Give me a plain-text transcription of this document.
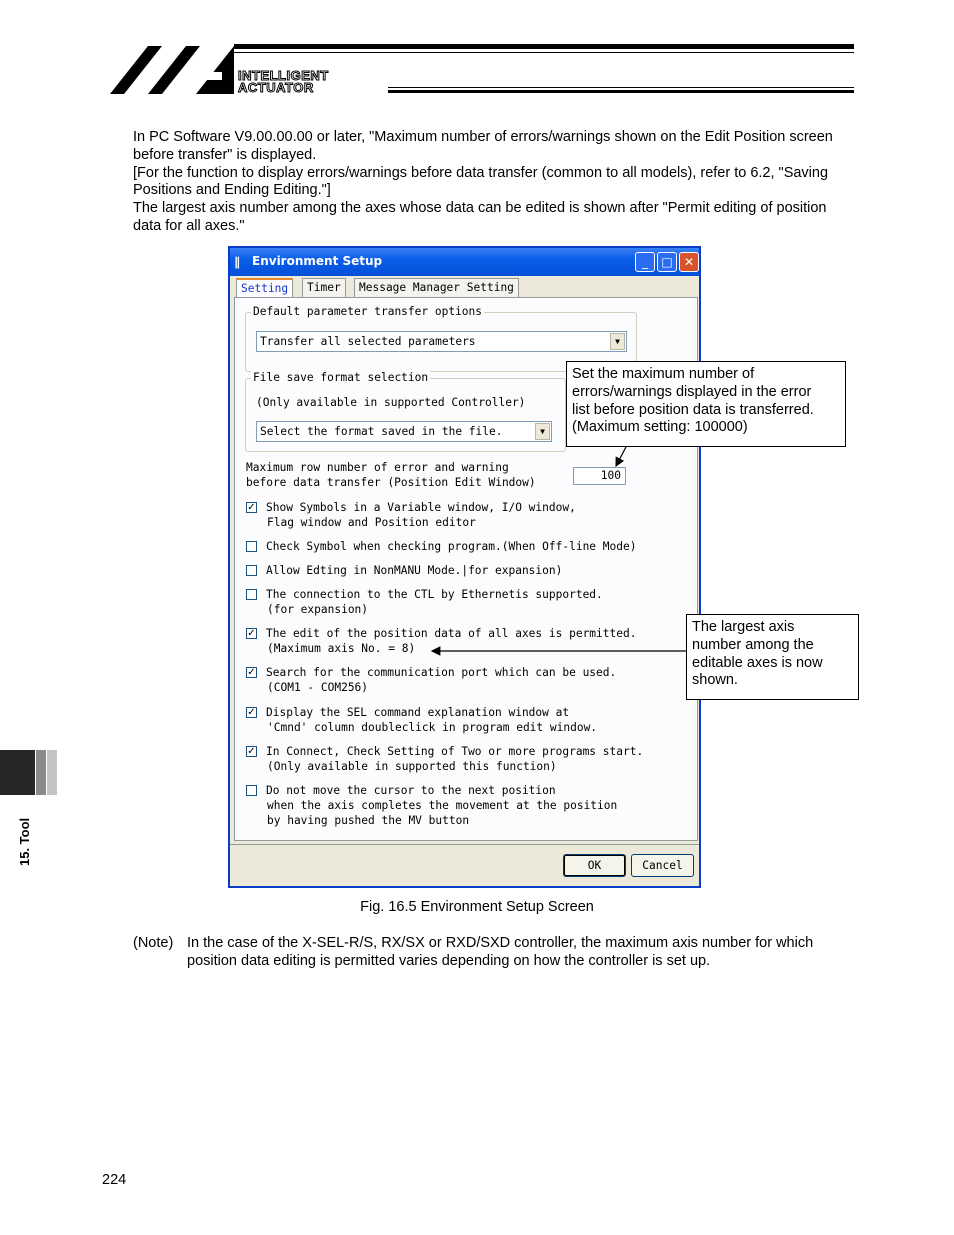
INTELLIGENT
ACTUATOR

In PC Software V9.00.00.00 or later, "Maximum number of errors/warnings shown on the Edit Position screen before transfer" is displayed.

[For the function to display errors/warnings before data transfer (common to all models), refer to 6.2, "Saving Positions and Ending Editing."]

The largest axis number among the axes whose data can be edited is shown after "Permit editing of position data for all axes."

∥ Environment Setup	_	□ ✕

Setting

	Timer

	Message Manager Setting

Default parameter transfer options

Transfer all selected parameters

	▼

File save format selection

(Only available in supported Controller)

Select the format saved in the file.

	▼

Maximum row number of error and warning

before data transfer (Position Edit Window)

100

✓ Show Symbols in a Variable window, I/O window,
Flag window and Position editor
Check Symbol when checking program.(When Off-line Mode)
Allow Edting in NonMANU Mode.|for expansion)
The connection to the CTL by Ethernetis supported.
(for expansion)
✓ The edit of the position data of all axes is permitted.
(Maximum axis No. = 8)
✓ Search for the communication port which can be used.
(COM1 - COM256)
✓ Display the SEL command explanation window at
'Cmnd' column doubleclick in program edit window.
✓ In Connect, Check Setting of Two or more programs start.
(Only available in supported this function)
Do not move the cursor to the next position
when the axis completes the movement at the position
by having pushed the MV button

OK	Cancel
Set the maximum number of
errors/warnings displayed in the error
list before position data is transferred.
(Maximum setting: 100000)
The largest axis
number among the
editable axes is now
shown.
Fig. 16.5 Environment Setup Screen
(Note) In the case of the X-SEL-R/S, RX/SX or RXD/SXD controller, the maximum axis number for which position data editing is permitted varies depending on how the controller is set up.
15. Tool
224
